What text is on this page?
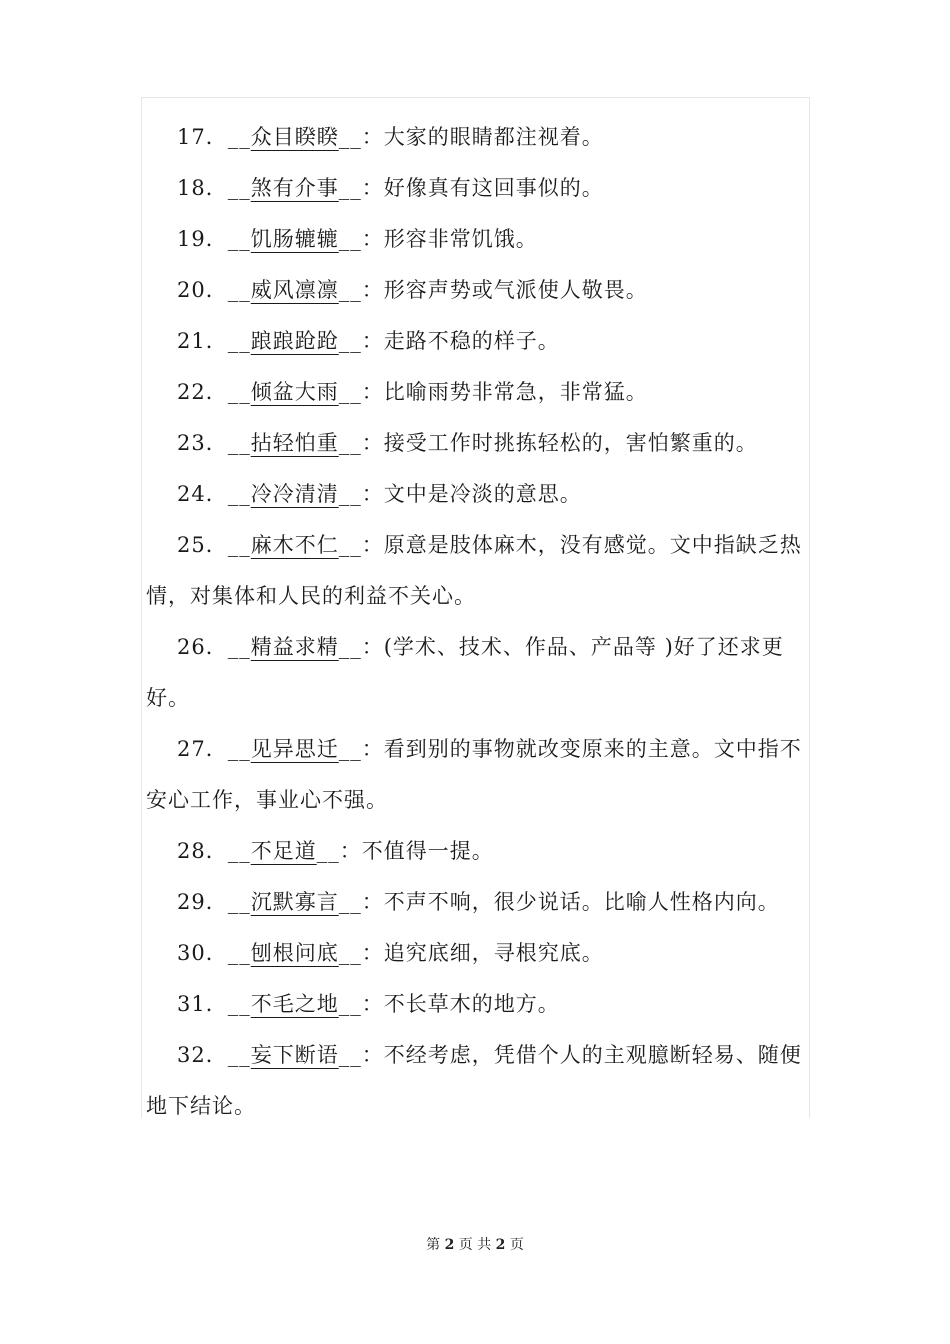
17．__众目睽睽__：大家的眼睛都注视着。
18．__煞有介事__：好像真有这回事似的。
19．__饥肠辘辘__：形容非常饥饿。
20．__威风凛凛__：形容声势或气派使人敬畏。
21．__踉踉跄跄__：走路不稳的样子。
22．__倾盆大雨__：比喻雨势非常急，非常猛。
23．__拈轻怕重__：接受工作时挑拣轻松的，害怕繁重的。
24．__冷冷清清__：文中是冷淡的意思。
25．__麻木不仁__：原意是肢体麻木，没有感觉。文中指缺乏热情，对集体和人民的利益不关心。
26．__精益求精__：(学术、技术、作品、产品等 )好了还求更好。
27．__见异思迁__：看到别的事物就改变原来的主意。文中指不安心工作，事业心不强。
28．__不足道__：不值得一提。
29．__沉默寡言__：不声不响，很少说话。比喻人性格内向。
30．__刨根问底__：追究底细，寻根究底。
31．__不毛之地__：不长草木的地方。
32．__妄下断语__：不经考虑，凭借个人的主观臆断轻易、随便地下结论。
第 2 页 共 2 页
